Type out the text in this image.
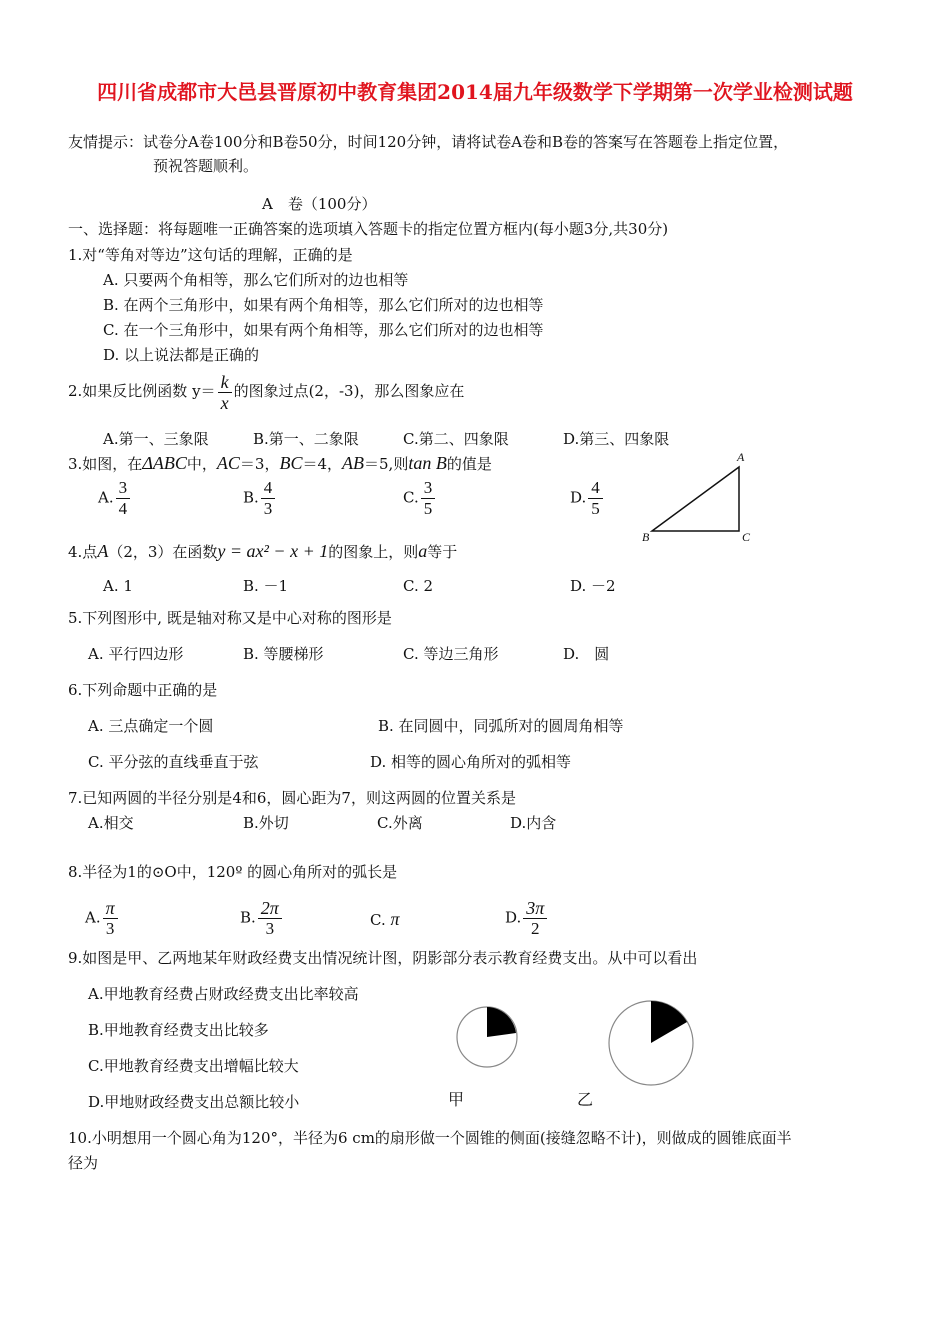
四川省成都市大邑县晋原初中教育集团2014届九年级数学下学期第一次学业检测试题
友情提示：试卷分A卷100分和B卷50分，时间120分钟，请将试卷A卷和B卷的答案写在答题卷上指定位置，
预祝答题顺利。
A　卷（100分）
一、选择题：将每题唯一正确答案的选项填入答题卡的指定位置方框内(每小题3分,共30分)
1.对“等角对等边”这句话的理解，正确的是
A. 只要两个角相等，那么它们所对的边也相等
B. 在两个三角形中，如果有两个角相等，那么它们所对的边也相等
C. 在一个三角形中，如果有两个角相等，那么它们所对的边也相等
D. 以上说法都是正确的
2.如果反比例函数 $y= \frac{k}{x}$ 的图象过点(2，-3)，那么图象应在
A.第一、三象限	B.第一、二象限	C.第二、四象限	D.第三、四象限
3.如图，在ΔABC中，AC＝3，BC＝4，AB＝5,则tan B的值是
A. $\frac{3}{4}$	B. $\frac{4}{3}$	C. $\frac{3}{5}$	D. $\frac{4}{5}$
A
B	C
4.点A（2，3）在函数y = ax² − x + 1的图象上，则a等于
A. 1	B. －1	C. 2	D. －2
5.下列图形中, 既是轴对称又是中心对称的图形是
A. 平行四边形	B. 等腰梯形	C. 等边三角形	D.　圆
6.下列命题中正确的是
A. 三点确定一个圆	B. 在同圆中，同弧所对的圆周角相等
C. 平分弦的直线垂直于弦	D. 相等的圆心角所对的弧相等
7.已知两圆的半径分别是4和6，圆心距为7，则这两圆的位置关系是
A.相交	B.外切	C.外离	D.内含
8.半径为1的⊙O中，120º 的圆心角所对的弧长是
A. $\frac{\pi}{3}$	B. $\frac{2\pi}{3}$	C. π	D. $\frac{3\pi}{2}$
9.如图是甲、乙两地某年财政经费支出情况统计图，阴影部分表示教育经费支出。从中可以看出
A.甲地教育经费占财政经费支出比率较高
B.甲地教育经费支出比较多
C.甲地教育经费支出增幅比较大
D.甲地财政经费支出总额比较小	甲	乙
10.小明想用一个圆心角为120°，半径为6 cm的扇形做一个圆锥的侧面(接缝忽略不计)，则做成的圆锥底面半
径为
